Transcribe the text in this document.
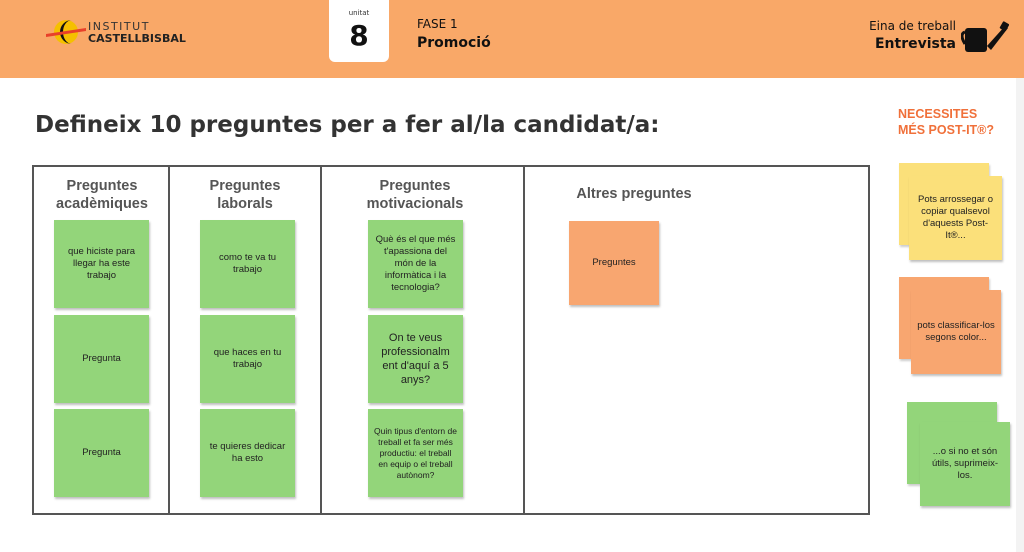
INSTITUT
CASTELLBISBAL
unitat
8	FASE 1
Promoció
Eina de treball
Entrevista
Defineix 10 preguntes per a fer al/la candidat/a:	NECESSITES
MÉS POST-IT®?
Preguntes
acadèmiques
Preguntes
laborals
Preguntes
motivacionals
Altres preguntes
que hiciste para llegar ha este trabajo
Pregunta
Pregunta
como te va tu trabajo
que haces en tu trabajo
te quieres dedicar ha esto
Què és el que més t'apassiona del món de la informàtica i la tecnologia?
On te veus professionalm ent d'aquí a 5 anys?
Quin tipus d'entorn de treball et fa ser més productiu: el treball en equip o el treball autònom?
Preguntes
Pots arrossegar o copiar qualsevol d'aquests Post-It®...
pots classificar-los segons color...
...o si no et són útils, suprimeix-los.
